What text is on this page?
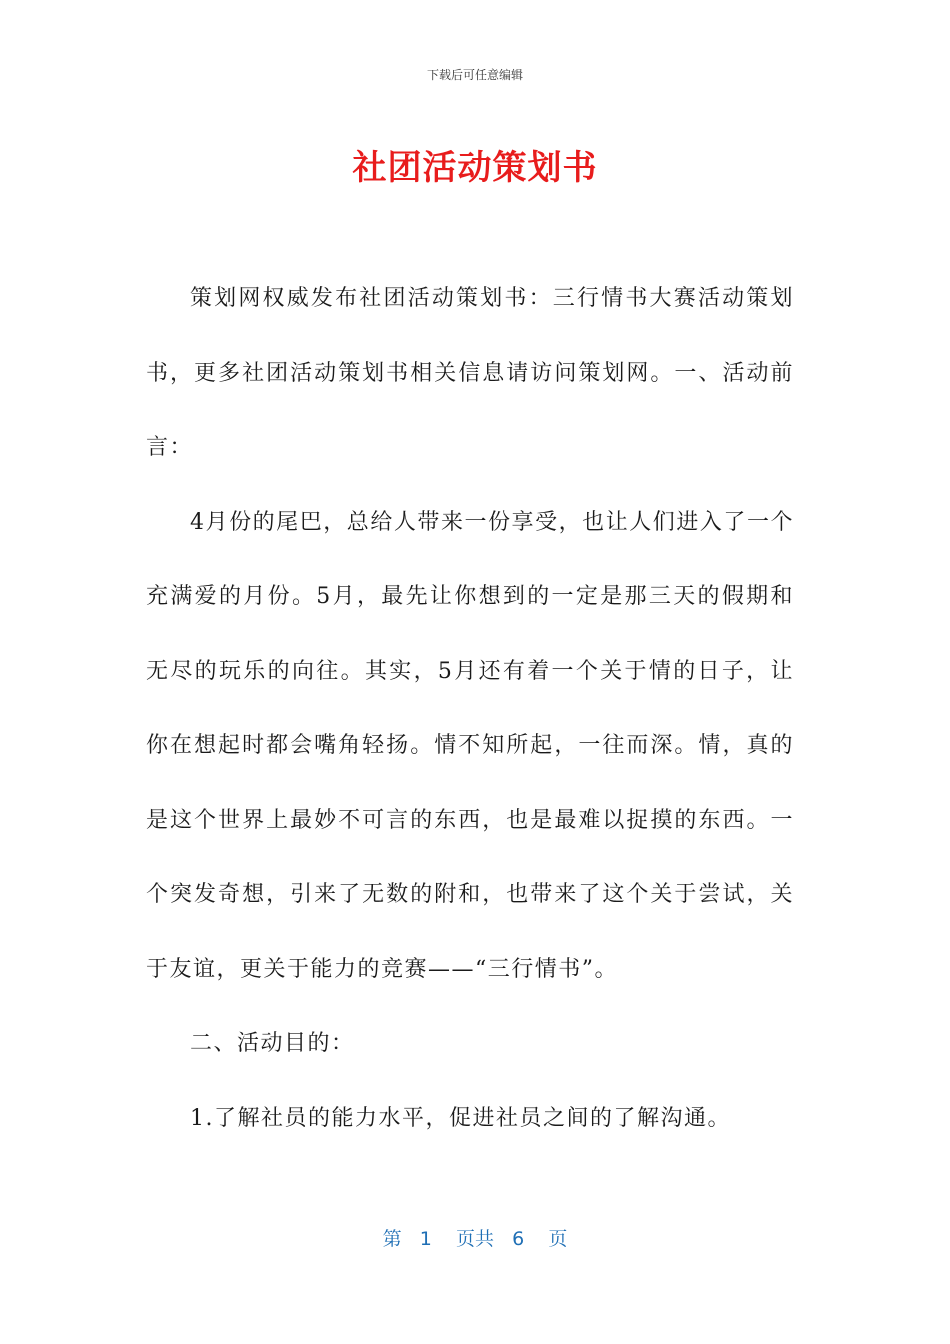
下载后可任意编辑
社团活动策划书

策划网权威发布社团活动策划书：三行情书大赛活动策划书，更多社团活动策划书相关信息请访问策划网。一、活动前言：

4月份的尾巴，总给人带来一份享受，也让人们进入了一个充满爱的月份。5月，最先让你想到的一定是那三天的假期和无尽的玩乐的向往。其实，5月还有着一个关于情的日子，让你在想起时都会嘴角轻扬。情不知所起，一往而深。情，真的是这个世界上最妙不可言的东西，也是最难以捉摸的东西。一个突发奇想，引来了无数的附和，也带来了这个关于尝试，关于友谊，更关于能力的竞赛——“三行情书”。

二、活动目的：

1.了解社员的能力水平，促进社员之间的了解沟通。

第 1 页共 6 页
